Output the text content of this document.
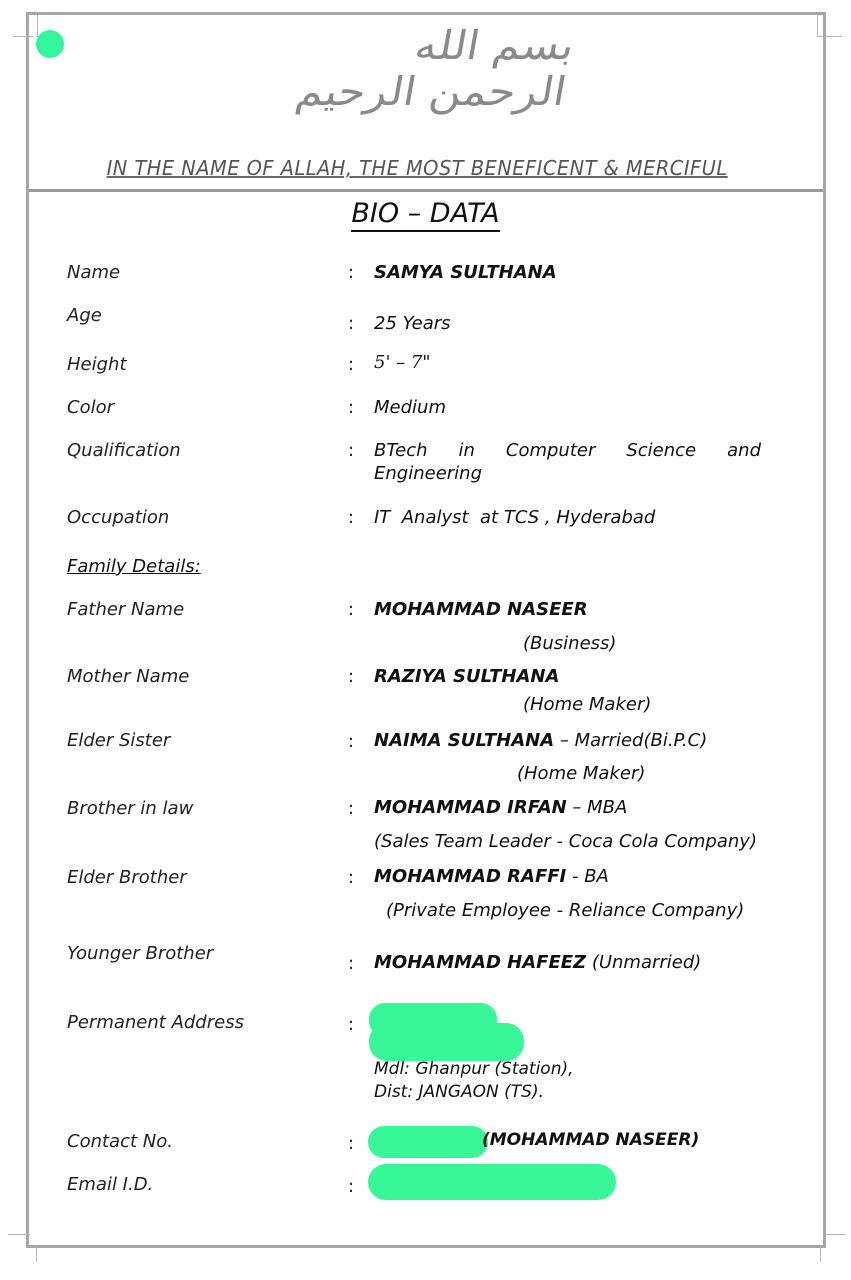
بسم الله الرحمن الرحيم
IN THE NAME OF ALLAH, THE MOST BENEFICENT & MERCIFUL
BIO – DATA
Name	: SAMYA SULTHANA
Age	: 25 Years
Height	: 5' – 7"
Color	: Medium
Qualification	: BTech in Computer Science and
Engineering
Occupation	: IT  Analyst  at TCS , Hyderabad
Family Details:
Father Name	: MOHAMMAD NASEER
(Business)
Mother Name	: RAZIYA SULTHANA
(Home Maker)
Elder Sister	: NAIMA SULTHANA – Married(Bi.P.C)
(Home Maker)
Brother in law	: MOHAMMAD IRFAN – MBA
(Sales Team Leader - Coca Cola Company)
Elder Brother	: MOHAMMAD RAFFI - BA
(Private Employee - Reliance Company)
Younger Brother	: MOHAMMAD HAFEEZ (Unmarried)
Permanent Address	:
Mdl: Ghanpur (Station),
Dist: JANGAON (TS).
Contact No.	:	(MOHAMMAD NASEER)
Email I.D.	:
